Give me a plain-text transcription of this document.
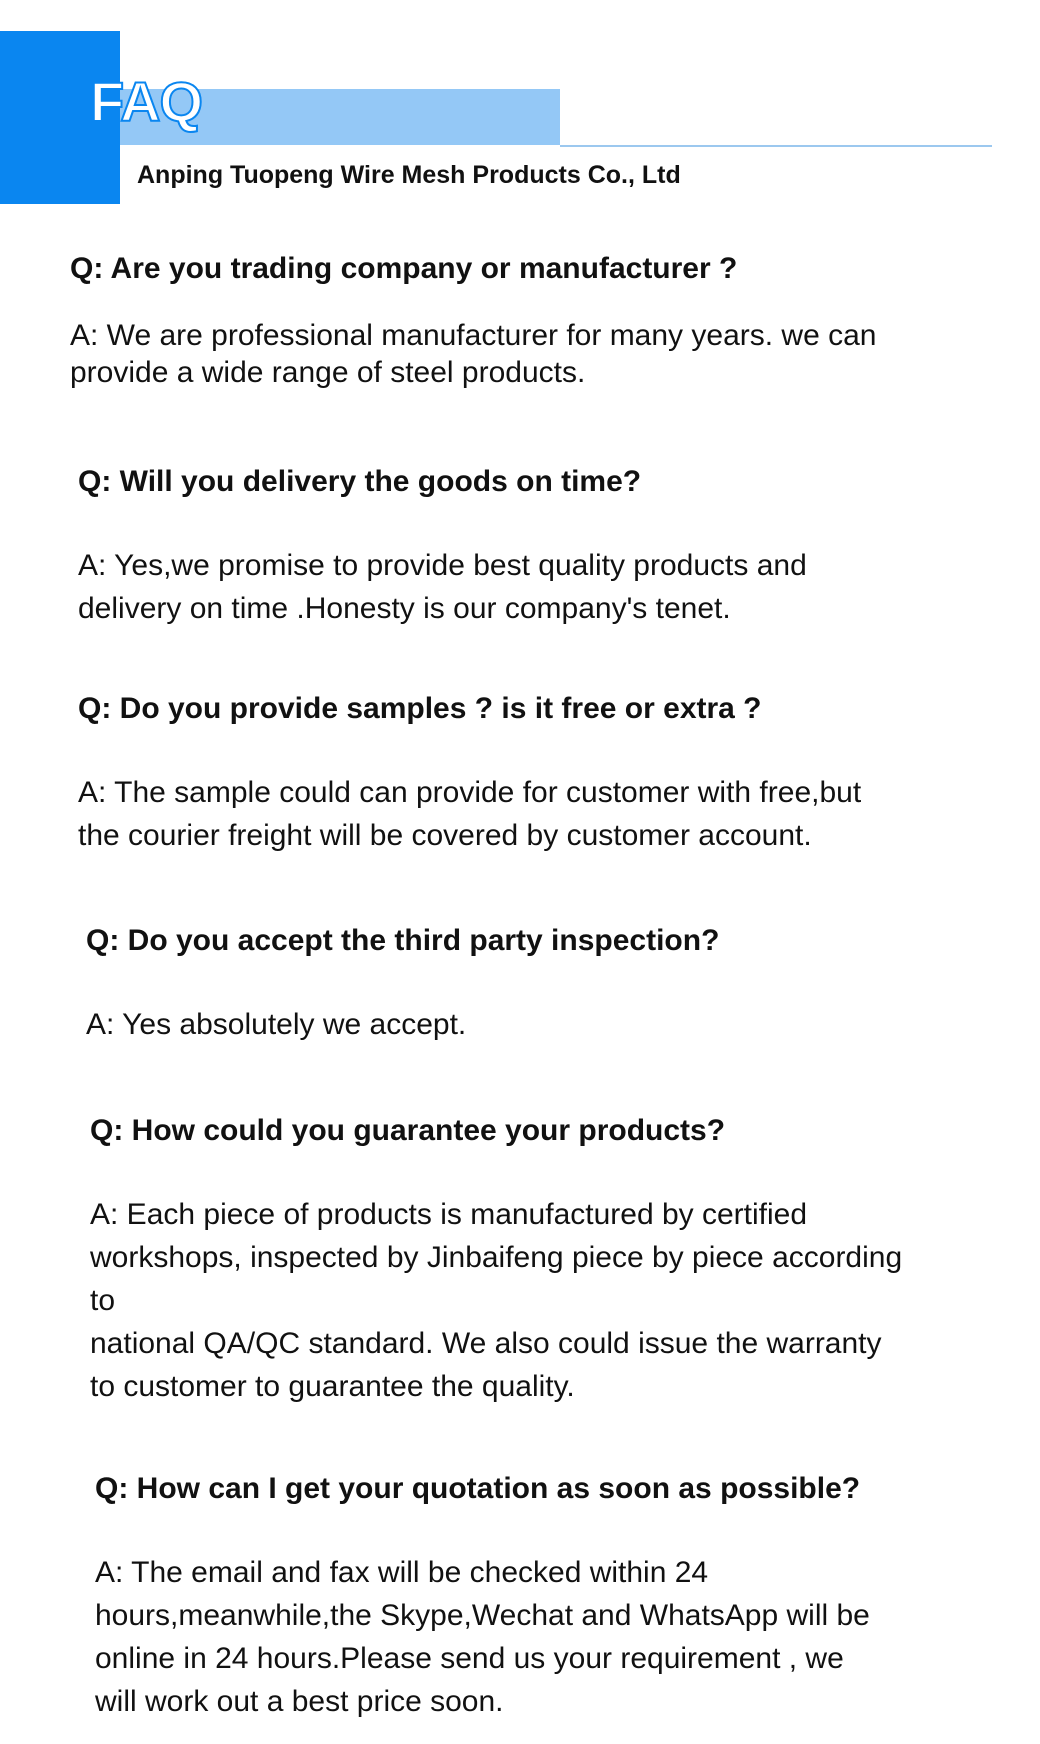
FAQ
Anping Tuopeng Wire Mesh Products Co., Ltd

Q: Are you trading company or manufacturer ?

A: We are professional manufacturer for many years. we can
provide a wide range of steel products.

Q: Will you delivery the goods on time?

A: Yes,we promise to provide best quality products and
delivery on time .Honesty is our company's tenet.

Q: Do you provide samples ? is it free or extra ?

A: The sample could can provide for customer with free,but
the courier freight will be covered by customer account.

Q: Do you accept the third party inspection?

A: Yes absolutely we accept.

Q: How could you guarantee your products?

A: Each piece of products is manufactured by certified
workshops, inspected by Jinbaifeng piece by piece according
to
national QA/QC standard. We also could issue the warranty
to customer to guarantee the quality.

Q: How can I get your quotation as soon as possible?

A: The email and fax will be checked within 24
hours,meanwhile,the Skype,Wechat and WhatsApp will be
online in 24 hours.Please send us your requirement , we
will work out a best price soon.
